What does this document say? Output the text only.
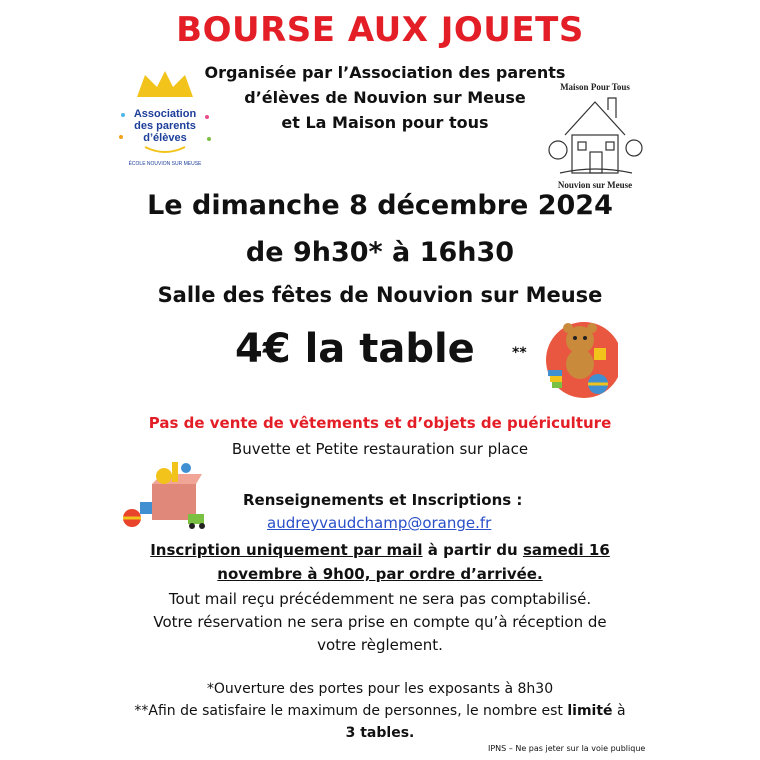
BOURSE AUX JOUETS
Association
des parents
d’élèves
ÉCOLE NOUVION SUR MEUSE
Organisée par l’Association des parents
d’élèves de Nouvion sur Meuse
et La Maison pour tous
Maison Pour Tous
Nouvion sur Meuse
Le dimanche 8 décembre 2024
de 9h30* à 16h30
Salle des fêtes de Nouvion sur Meuse
4€ la table	**
Pas de vente de vêtements et d’objets de puériculture
Buvette et Petite restauration sur place
Renseignements et Inscriptions :
audreyvaudchamp@orange.fr
Inscription uniquement par mail à partir du samedi 16
novembre à 9h00, par ordre d’arrivée.
Tout mail reçu précédemment ne sera pas comptabilisé.
Votre réservation ne sera prise en compte qu’à réception de
votre règlement.
*Ouverture des portes pour les exposants à 8h30
**Afin de satisfaire le maximum de personnes, le nombre est limité à
3 tables.
IPNS – Ne pas jeter sur la voie publique
